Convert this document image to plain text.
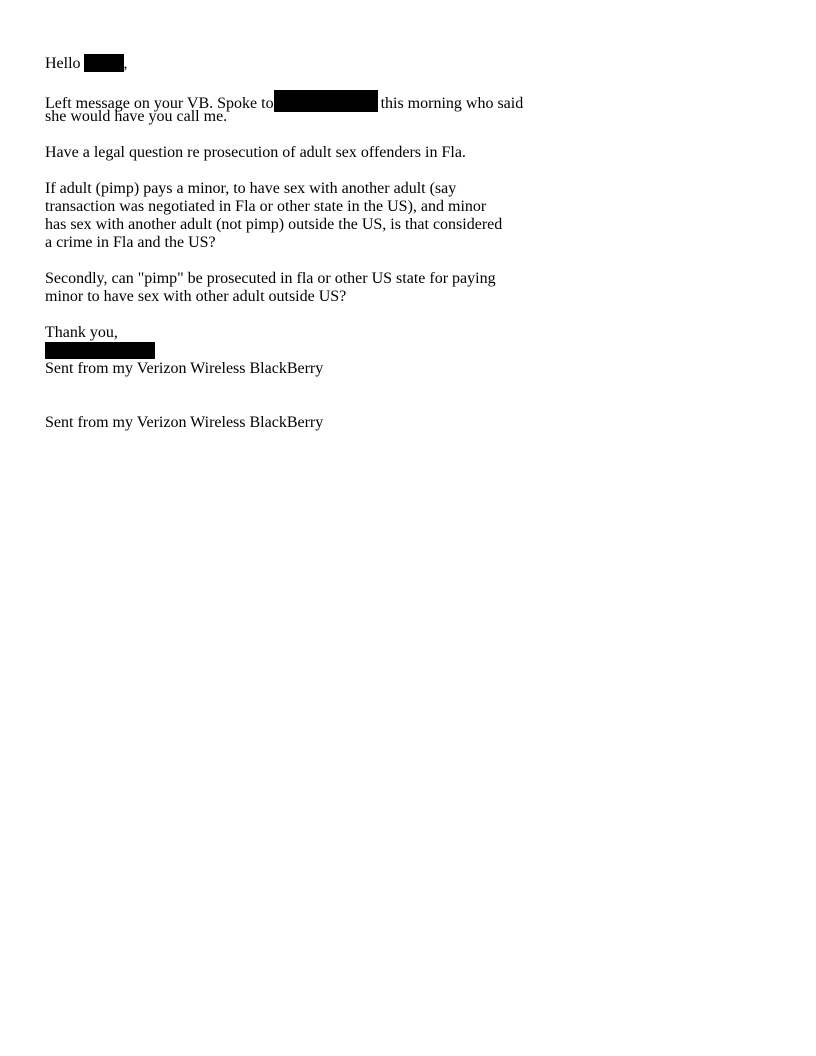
Hello	,
Left message on your VB. Spoke to	this morning who said
she would have you call me.
Have a legal question re prosecution of adult sex offenders in Fla.
If adult (pimp) pays a minor, to have sex with another adult (say
transaction was negotiated in Fla or other state in the US), and minor
has sex with another adult (not pimp) outside the US, is that considered
a crime in Fla and the US?
Secondly, can "pimp" be prosecuted in fla or other US state for paying
minor to have sex with other adult outside US?
Thank you,
Sent from my Verizon Wireless BlackBerry
Sent from my Verizon Wireless BlackBerry
